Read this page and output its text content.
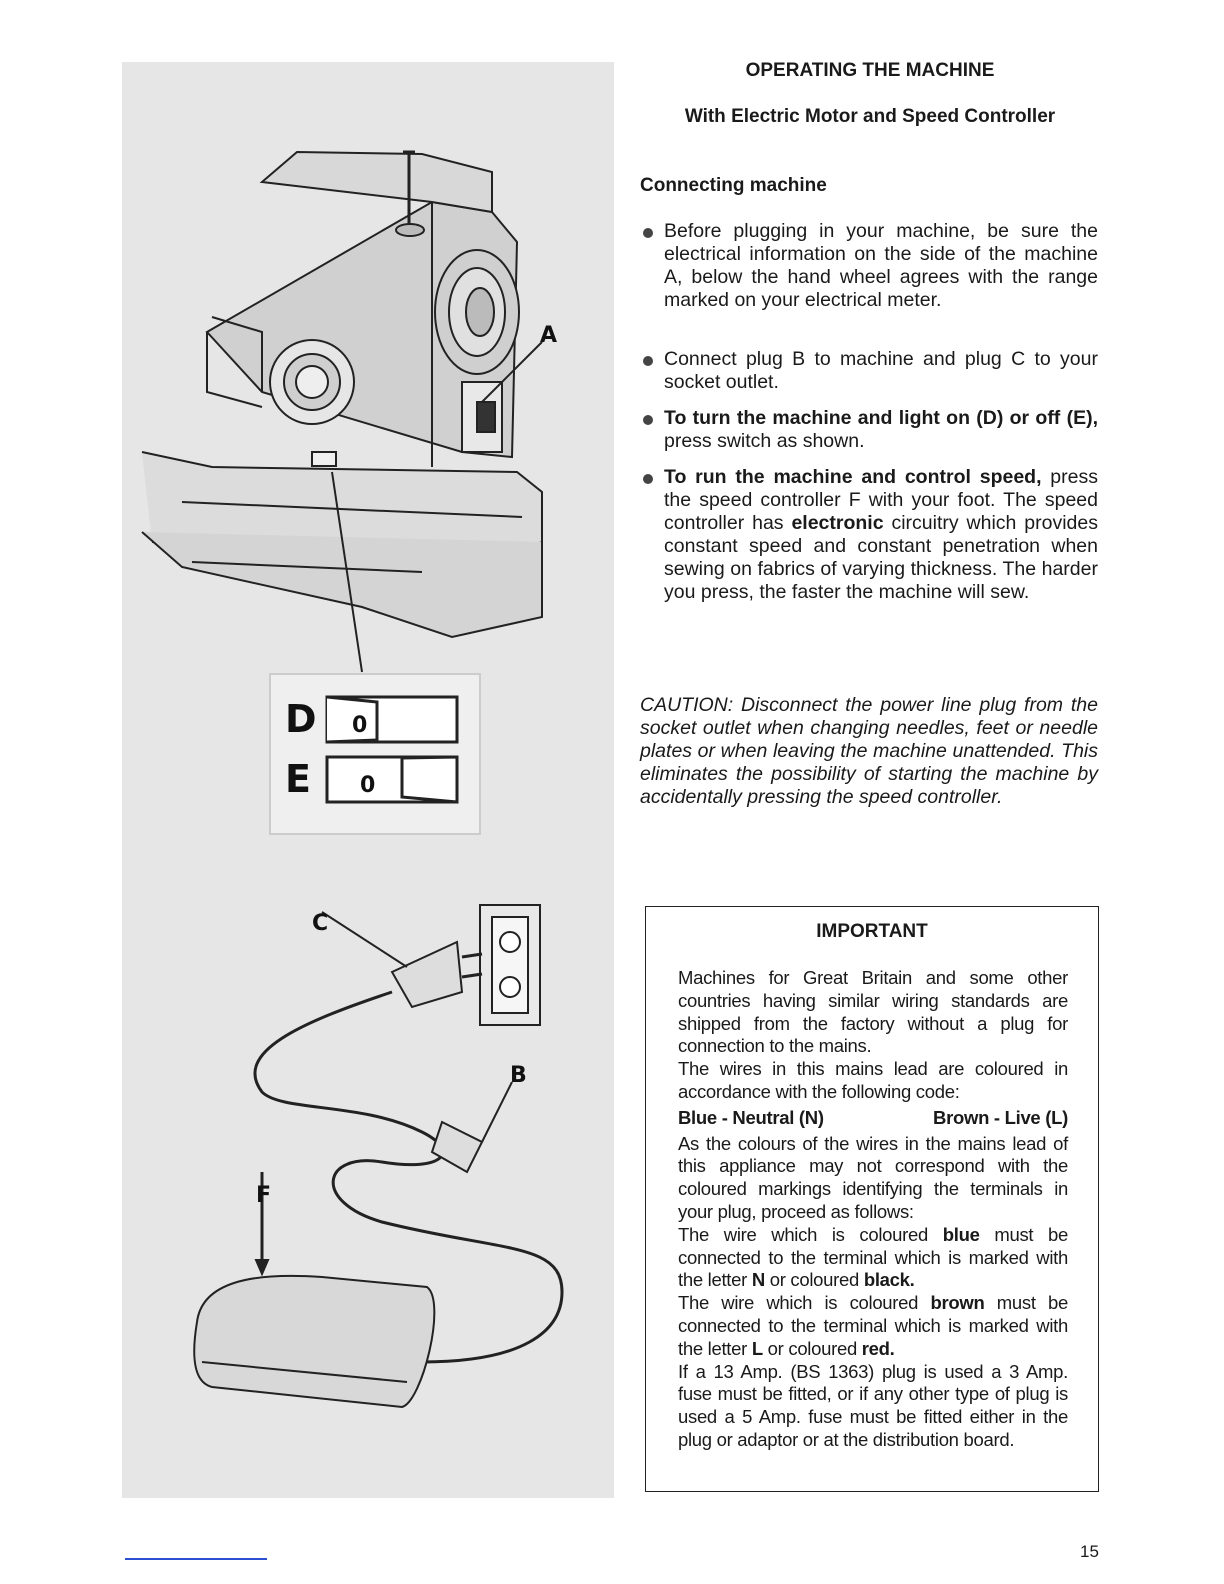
A
D
E
0
0
C
B
F
OPERATING THE MACHINE
With Electric Motor and Speed Controller
Connecting machine
Before plugging in your machine, be sure the electrical information on the side of the machine A, below the hand wheel agrees with the range marked on your electrical meter.
Connect plug B to machine and plug C to your socket outlet.
To turn the machine and light on (D) or off (E), press switch as shown.
To run the machine and control speed, press the speed controller F with your foot. The speed controller has electronic circuitry which provides constant speed and constant penetration when sewing on fabrics of varying thickness. The harder you press, the faster the machine will sew.
CAUTION: Disconnect the power line plug from the socket outlet when changing needles, feet or needle plates or when leaving the machine unattended. This eliminates the possibility of starting the machine by accidentally pressing the speed controller.
IMPORTANT

Machines for Great Britain and some other countries having similar wiring standards are shipped from the factory without a plug for connection to the mains.

The wires in this mains lead are coloured in accordance with the following code:

Blue - Neutral (N)	Brown - Live (L)

As the colours of the wires in the mains lead of this appliance may not correspond with the coloured markings identifying the terminals in your plug, proceed as follows:

The wire which is coloured blue must be connected to the terminal which is marked with the letter N or coloured black.

The wire which is coloured brown must be connected to the terminal which is marked with the letter L or coloured red.

If a 13 Amp. (BS 1363) plug is used a 3 Amp. fuse must be fitted, or if any other type of plug is used a 5 Amp. fuse must be fitted either in the plug or adaptor or at the distribution board.

15
